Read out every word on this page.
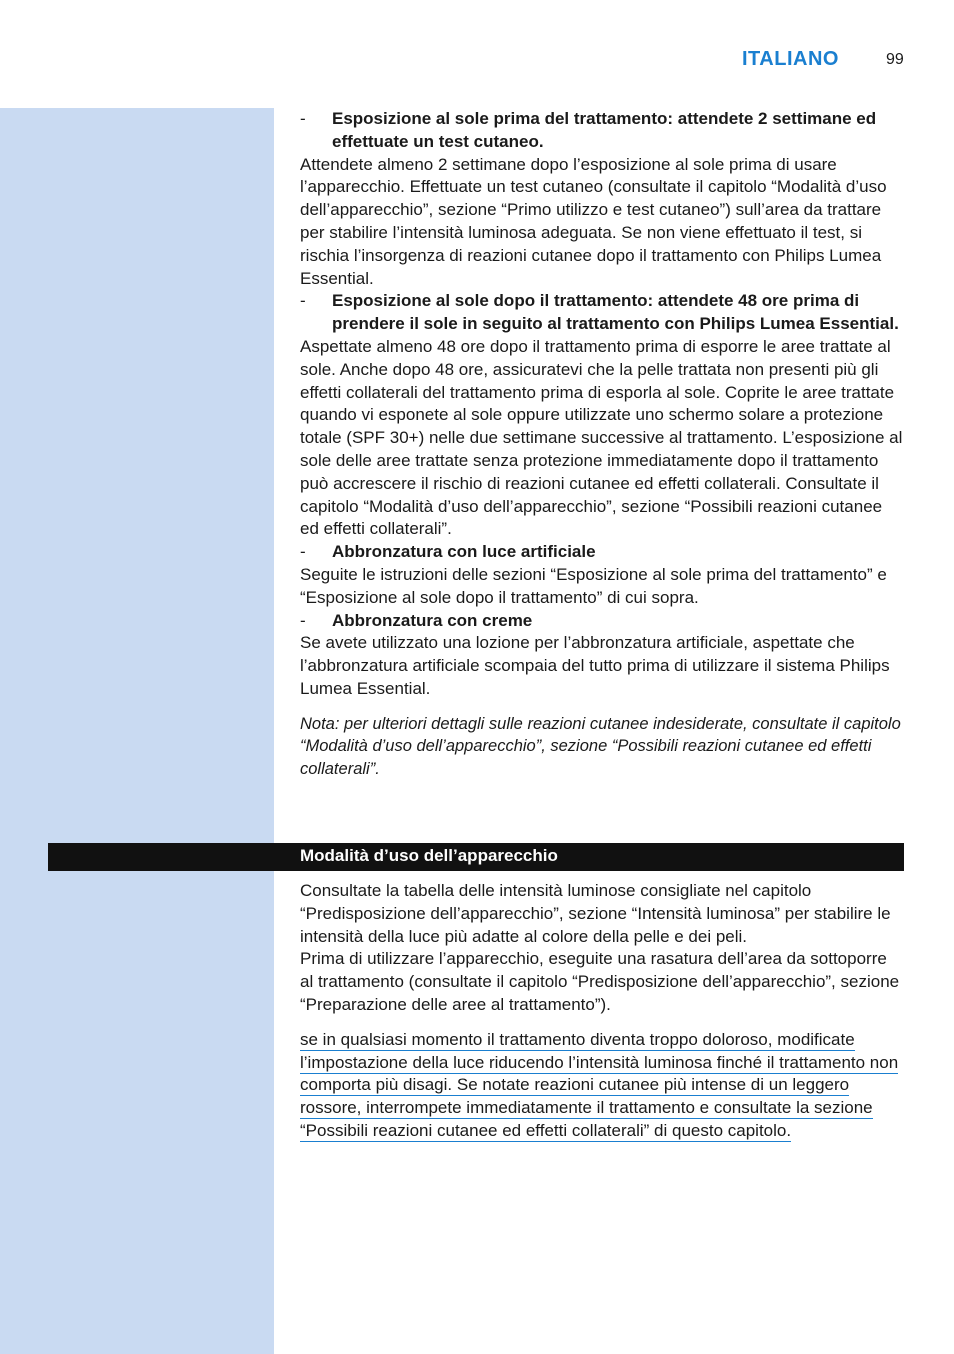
ITALIANO	99
- Esposizione al sole prima del trattamento: attendete 2 settimane ed effettuate un test cutaneo.

Attendete almeno 2 settimane dopo l’esposizione al sole prima di usare l’apparecchio. Effettuate un test cutaneo (consultate il capitolo “Modalità d’uso dell’apparecchio”, sezione “Primo utilizzo e test cutaneo”) sull’area da trattare per stabilire l’intensità luminosa adeguata. Se non viene effettuato il test, si rischia l’insorgenza di reazioni cutanee dopo il trattamento con Philips Lumea Essential.

- Esposizione al sole dopo il trattamento: attendete 48 ore prima di prendere il sole in seguito al trattamento con Philips Lumea Essential.

Aspettate almeno 48 ore dopo il trattamento prima di esporre le aree trattate al sole. Anche dopo 48 ore, assicuratevi che la pelle trattata non presenti più gli effetti collaterali del trattamento prima di esporla al sole. Coprite le aree trattate quando vi esponete al sole oppure utilizzate uno schermo solare a protezione totale (SPF 30+) nelle due settimane successive al trattamento. L’esposizione al sole delle aree trattate senza protezione immediatamente dopo il trattamento può accrescere il rischio di reazioni cutanee ed effetti collaterali. Consultate il capitolo “Modalità d’uso dell’apparecchio”, sezione “Possibili reazioni cutanee ed effetti collaterali”.

- Abbronzatura con luce artificiale

Seguite le istruzioni delle sezioni “Esposizione al sole prima del trattamento” e “Esposizione al sole dopo il trattamento” di cui sopra.

- Abbronzatura con creme

Se avete utilizzato una lozione per l’abbronzatura artificiale, aspettate che l’abbronzatura artificiale scompaia del tutto prima di utilizzare il sistema Philips Lumea Essential.

Nota: per ulteriori dettagli sulle reazioni cutanee indesiderate, consultate il capitolo “Modalità d’uso dell’apparecchio”, sezione “Possibili reazioni cutanee ed effetti collaterali”.

Modalità d’uso dell’apparecchio

Consultate la tabella delle intensità luminose consigliate nel capitolo “Predisposizione dell’apparecchio”, sezione “Intensità luminosa” per stabilire le intensità della luce più adatte al colore della pelle e dei peli.

Prima di utilizzare l’apparecchio, eseguite una rasatura dell’area da sottoporre al trattamento (consultate il capitolo “Predisposizione dell’apparecchio”, sezione “Preparazione delle aree al trattamento”).

se in qualsiasi momento il trattamento diventa troppo doloroso, modificate l’impostazione della luce riducendo l’intensità luminosa finché il trattamento non comporta più disagi. Se notate reazioni cutanee più intense di un leggero rossore, interrompete immediatamente il trattamento e consultate la sezione “Possibili reazioni cutanee ed effetti collaterali” di questo capitolo.
